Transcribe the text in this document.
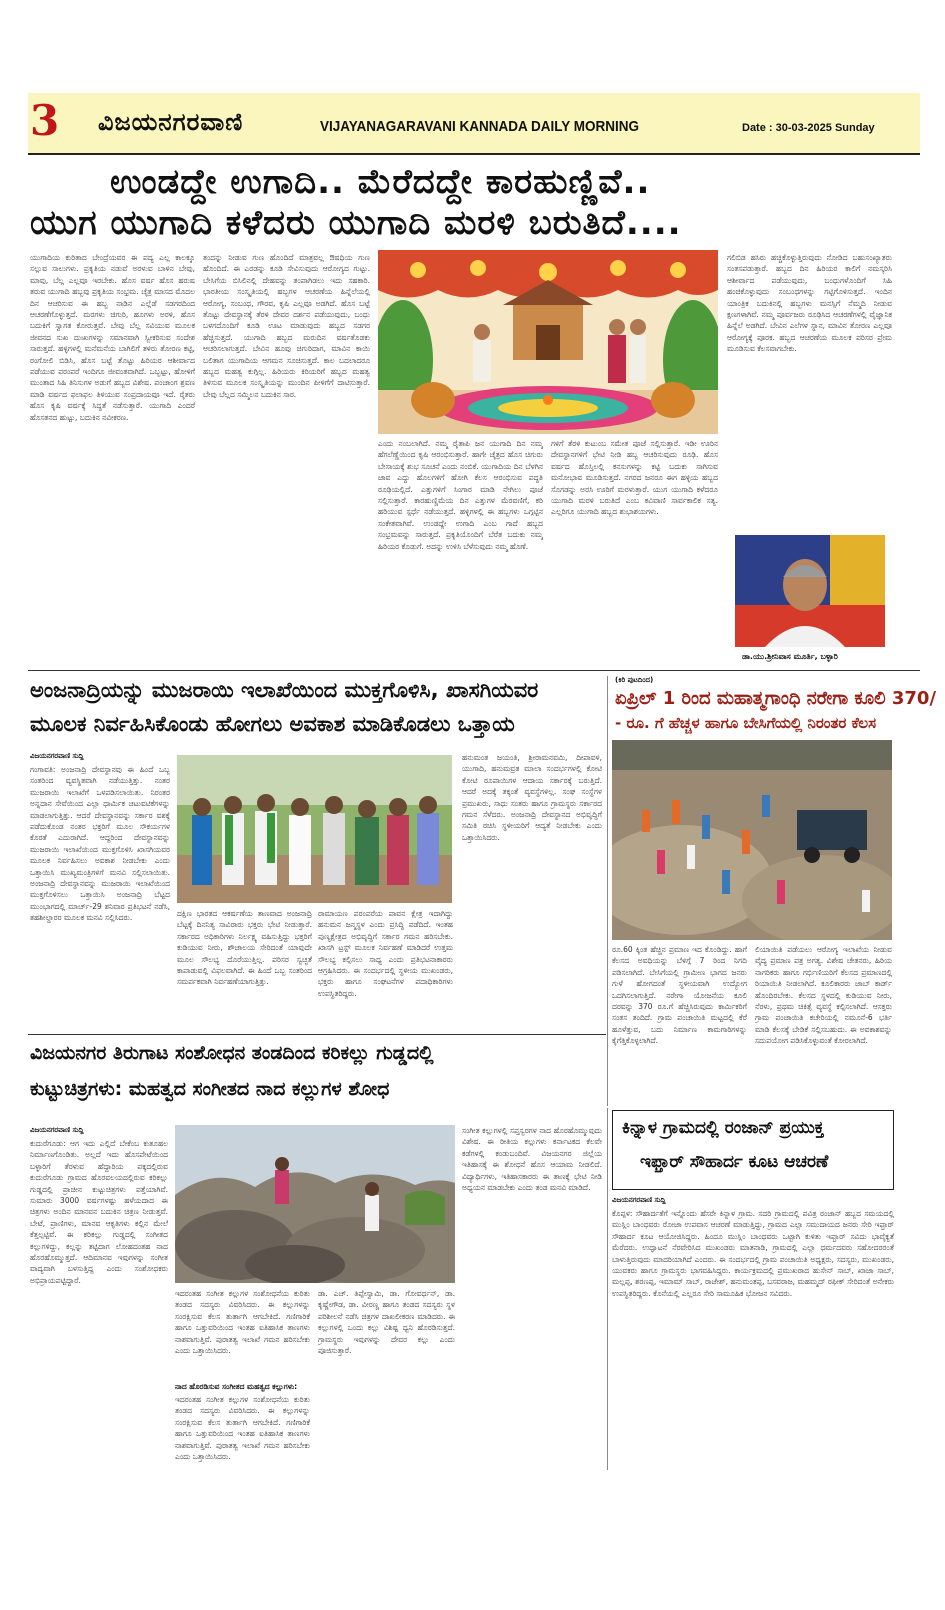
3 ವಿಜಯನಗರವಾಣಿ	VIJAYANAGARAVANI KANNADA DAILY MORNING	Date : 30-03-2025 Sunday
ಉಂಡದ್ದೇ ಉಗಾದಿ.. ಮೆರೆದದ್ದೇ ಕಾರಹುಣ್ಣಿವೆ..
ಯುಗ ಯುಗಾದಿ ಕಳೆದರು ಯುಗಾದಿ ಮರಳಿ ಬರುತಿದೆ....
ಯುಗಾದಿಯ ಕುರಿತಾದ ಬೇಂದ್ರೆಯವರ ಈ ಪದ್ಯ ಎಲ್ಲ ಕಾಲಕ್ಕೂ ಸಲ್ಲುವ ಸಾಲುಗಳು. ಪ್ರಕೃತಿಯ ನಡುವೆ ಅರಳುವ ಬಾಳಿನ ಬೇವು, ಮಾವು, ಬೆಲ್ಲ ಎಲ್ಲವೂ ಇರಬೇಕು. ಹೊಸ ವರ್ಷ ಹೊಸ ಹರುಷ ತರುವ ಯುಗಾದಿ ಹಬ್ಬವು ಪ್ರಕೃತಿಯ ಸಂಭ್ರಮ. ಚೈತ್ರ ಮಾಸದ ಮೊದಲ ದಿನ ಆಚರಿಸುವ ಈ ಹಬ್ಬ ನಾಡಿನ ಎಲ್ಲೆಡೆ ಸಡಗರದಿಂದ ಆಚರಣೆಗೊಳ್ಳುತ್ತದೆ. ಮರಗಳು ಚಿಗುರಿ, ಹೂಗಳು ಅರಳಿ, ಹೊಸ ಬದುಕಿಗೆ ಸ್ವಾಗತ ಕೋರುತ್ತವೆ. ಬೇವು ಬೆಲ್ಲ ಸವಿಯುವ ಮೂಲಕ ಜೀವನದ ಸುಖ ದುಃಖಗಳನ್ನು ಸಮಾನವಾಗಿ ಸ್ವೀಕರಿಸುವ ಸಂದೇಶ ಸಾರುತ್ತದೆ. ಹಳ್ಳಿಗಳಲ್ಲಿ ಮನೆಮನೆಯ ಬಾಗಿಲಿಗೆ ತಳಿರು ತೋರಣ ಕಟ್ಟಿ, ರಂಗೋಲಿ ಬಿಡಿಸಿ, ಹೊಸ ಬಟ್ಟೆ ತೊಟ್ಟು ಹಿರಿಯರ ಆಶೀರ್ವಾದ ಪಡೆಯುವ ಪರಂಪರೆ ಇಂದಿಗೂ ಜೀವಂತವಾಗಿದೆ. ಒಬ್ಬಟ್ಟು, ಹೋಳಿಗೆ ಮುಂತಾದ ಸಿಹಿ ತಿನಿಸುಗಳ ಅಡುಗೆ ಹಬ್ಬದ ವಿಶೇಷ. ಪಂಚಾಂಗ ಶ್ರವಣ ಮಾಡಿ ವರ್ಷದ ಫಲಾಫಲ ತಿಳಿಯುವ ಸಂಪ್ರದಾಯವೂ ಇದೆ. ರೈತರು ಹೊಸ ಕೃಷಿ ವರ್ಷಕ್ಕೆ ಸಿದ್ಧತೆ ನಡೆಸುತ್ತಾರೆ. ಯುಗಾದಿ ಎಂದರೆ ಹೊಸತನದ ಹುಟ್ಟು, ಬದುಕಿನ ನವೀಕರಣ.
ತಂದನ್ನು ನೀಡುವ ಗುಣ ಹೊಂದಿದೆ ಮಾತ್ರವಲ್ಲ ಔಷಧಿಯ ಗುಣ ಹೊಂದಿದೆ. ಈ ಎರಡನ್ನು ಕೂಡಿ ಸೇವಿಸುವುದು ಆರೋಗ್ಯದ ಗುಟ್ಟು. ಬೇಸಿಗೆಯ ಬಿಸಿಲಿನಲ್ಲಿ ದೇಹವನ್ನು ತಂಪಾಗಿಡಲು ಇದು ಸಹಕಾರಿ. ಭಾರತೀಯ ಸಂಸ್ಕೃತಿಯಲ್ಲಿ ಹಬ್ಬಗಳ ಆಚರಣೆಯ ಹಿನ್ನೆಲೆಯಲ್ಲಿ ಆರೋಗ್ಯ, ಸಂಬಂಧ, ಗೌರವ, ಕೃಷಿ ಎಲ್ಲವೂ ಅಡಗಿದೆ. ಹೊಸ ಬಟ್ಟೆ ತೊಟ್ಟು ದೇವಸ್ಥಾನಕ್ಕೆ ತೆರಳಿ ದೇವರ ದರ್ಶನ ಪಡೆಯುವುದು, ಬಂಧು ಬಳಗದೊಂದಿಗೆ ಕೂಡಿ ಊಟ ಮಾಡುವುದು ಹಬ್ಬದ ಸಡಗರ ಹೆಚ್ಚಿಸುತ್ತದೆ. ಯುಗಾದಿ ಹಬ್ಬದ ಮರುದಿನ ವರ್ಷತೊಡಕು ಆಚರಿಸಲಾಗುತ್ತದೆ. ಬೇವಿನ ಹೂವು ಚಿಗುರಿದಾಗ, ಮಾವಿನ ಕಾಯಿ ಬಲಿತಾಗ ಯುಗಾದಿಯ ಆಗಮನ ಸೂಚಿಸುತ್ತದೆ. ಕಾಲ ಬದಲಾದರೂ ಹಬ್ಬದ ಮಹತ್ವ ಕುಗ್ಗಿಲ್ಲ. ಹಿರಿಯರು ಕಿರಿಯರಿಗೆ ಹಬ್ಬದ ಮಹತ್ವ ತಿಳಿಸುವ ಮೂಲಕ ಸಂಸ್ಕೃತಿಯನ್ನು ಮುಂದಿನ ಪೀಳಿಗೆಗೆ ದಾಟಿಸುತ್ತಾರೆ. ಬೇವು ಬೆಲ್ಲದ ಸಮ್ಮಿಲನ ಬದುಕಿನ ಸಾರ.
ಎಂದು ನಂಬಲಾಗಿದೆ. ನಮ್ಮ ರೈತಾಪಿ ಜನ ಯುಗಾದಿ ದಿನ ನಮ್ಮ ಹೆಗಲೆಣ್ಣೆಯಿಂದ ಕೃಷಿ ಆರಂಭಿಸುತ್ತಾರೆ. ಹಾಗೇ ಚೈತ್ರದ ಹೊಸ ಚಿಗುರು ಬೇಸಾಯಕ್ಕೆ ಶುಭ ಸೂಚನೆ ಎಂದು ನಂಬಿಕೆ. ಯುಗಾದಿಯ ದಿನ ಬೆಳಗಿನ ಜಾವ ಎದ್ದು ಹೊಲಗಳಿಗೆ ಹೋಗಿ ಕೆಲಸ ಆರಂಭಿಸುವ ಪದ್ಧತಿ ರೂಢಿಯಲ್ಲಿದೆ. ಎತ್ತುಗಳಿಗೆ ಸಿಂಗಾರ ಮಾಡಿ ನೇಗಿಲು ಪೂಜೆ ಸಲ್ಲಿಸುತ್ತಾರೆ. ಕಾರಹುಣ್ಣಿಮೆಯ ದಿನ ಎತ್ತುಗಳ ಮೆರವಣಿಗೆ, ಕರಿ ಹರಿಯುವ ಸ್ಪರ್ಧೆ ನಡೆಯುತ್ತದೆ. ಹಳ್ಳಿಗಳಲ್ಲಿ ಈ ಹಬ್ಬಗಳು ಒಗ್ಗಟ್ಟಿನ ಸಂಕೇತವಾಗಿವೆ. ಉಂಡದ್ದೇ ಉಗಾದಿ ಎಂಬ ಗಾದೆ ಹಬ್ಬದ ಸಂಭ್ರಮವನ್ನು ಸಾರುತ್ತದೆ. ಪ್ರಕೃತಿಯೊಂದಿಗೆ ಬೆರೆತ ಬದುಕು ನಮ್ಮ ಹಿರಿಯರ ಕೊಡುಗೆ. ಅದನ್ನು ಉಳಿಸಿ ಬೆಳೆಸುವುದು ನಮ್ಮ ಹೊಣೆ.
ಗಳಿಗೆ ತೆರಳಿ ಕುಟುಂಬ ಸಮೇತ ಪೂಜೆ ಸಲ್ಲಿಸುತ್ತಾರೆ. ಇಡೀ ಊರಿನ ದೇವಸ್ಥಾನಗಳಿಗೆ ಭೇಟಿ ನೀಡಿ ಹಬ್ಬ ಆಚರಿಸುವುದು ರೂಢಿ. ಹೊಸ ವರ್ಷದ ಹೊಸ್ತಿಲಲ್ಲಿ ಕನಸುಗಳನ್ನು ಕಟ್ಟಿ ಬದುಕು ಸಾಗಿಸುವ ಮನೋಭಾವ ಮೂಡಿಸುತ್ತದೆ. ನಗರದ ಜನರೂ ಈಗ ಹಳ್ಳಿಯ ಹಬ್ಬದ ಸೊಗಡನ್ನು ಅರಸಿ ಊರಿಗೆ ಮರಳುತ್ತಾರೆ. ಯುಗ ಯುಗಾದಿ ಕಳೆದರೂ ಯುಗಾದಿ ಮರಳಿ ಬರುತಿದೆ ಎಂಬ ಕವಿವಾಣಿ ಸಾರ್ವಕಾಲಿಕ ಸತ್ಯ. ಎಲ್ಲರಿಗೂ ಯುಗಾದಿ ಹಬ್ಬದ ಶುಭಾಶಯಗಳು.
ಗಲಿಬಿಡ ಹಸಿರು ಹಚ್ಚಿಕೊಳ್ಳುತ್ತಿರುವುದು ನೋಡಿದ ಬಹುಸಂಖ್ಯಾತರು ಸಂತಸಪಡುತ್ತಾರೆ. ಹಬ್ಬದ ದಿನ ಹಿರಿಯರ ಕಾಲಿಗೆ ನಮಸ್ಕರಿಸಿ ಆಶೀರ್ವಾದ ಪಡೆಯುವುದು, ಬಂಧುಗಳೊಂದಿಗೆ ಸಿಹಿ ಹಂಚಿಕೊಳ್ಳುವುದು ಸಂಬಂಧಗಳನ್ನು ಗಟ್ಟಿಗೊಳಿಸುತ್ತದೆ. ಇಂದಿನ ಯಾಂತ್ರಿಕ ಬದುಕಿನಲ್ಲಿ ಹಬ್ಬಗಳು ಮನಸ್ಸಿಗೆ ನೆಮ್ಮದಿ ನೀಡುವ ಕ್ಷಣಗಳಾಗಿವೆ. ನಮ್ಮ ಪೂರ್ವಜರು ರೂಢಿಸಿದ ಆಚರಣೆಗಳಲ್ಲಿ ವೈಜ್ಞಾನಿಕ ಹಿನ್ನೆಲೆ ಅಡಗಿದೆ. ಬೇವಿನ ಎಲೆಗಳ ಸ್ನಾನ, ಮಾವಿನ ತೋರಣ ಎಲ್ಲವೂ ಆರೋಗ್ಯಕ್ಕೆ ಪೂರಕ. ಹಬ್ಬದ ಆಚರಣೆಯ ಮೂಲಕ ಪರಿಸರ ಪ್ರೇಮ ಮೂಡಿಸುವ ಕೆಲಸವಾಗಬೇಕು.
ಡಾ.ಯು.ಶ್ರೀನಿವಾಸ ಮೂರ್ತಿ, ಬಳ್ಳಾರಿ
ಅಂಜನಾದ್ರಿಯನ್ನು ಮುಜರಾಯಿ ಇಲಾಖೆಯಿಂದ ಮುಕ್ತಗೊಳಿಸಿ, ಖಾಸಗಿಯವರ
ಮೂಲಕ ನಿರ್ವಹಿಸಿಕೊಂಡು ಹೋಗಲು ಅವಕಾಶ ಮಾಡಿಕೊಡಲು ಒತ್ತಾಯ
ವಿಜಯನಗರವಾಣಿ ಸುದ್ದಿ
ಗಂಗಾವತಿ: ಅಂಜನಾದ್ರಿ ದೇವಸ್ಥಾನವು ಈ ಹಿಂದೆ ಒಬ್ಬ ಸಂತರಿಂದ ವ್ಯವಸ್ಥಿತವಾಗಿ ನಡೆಯುತ್ತಿತ್ತು. ನಂತರ ಮುಜರಾಯಿ ಇಲಾಖೆಗೆ ಒಳಪಡಿಸಲಾಯಿತು. ನಿರಂತರ ಅನ್ನದಾನ ಸೇವೆಯಿಂದ ಎಲ್ಲಾ ಧಾರ್ಮಿಕ ಚಟುವಟಿಕೆಗಳನ್ನು ಮಾಡಲಾಗುತ್ತಿತ್ತು. ಆದರೆ ದೇವಸ್ಥಾನವನ್ನು ಸರ್ಕಾರ ವಶಕ್ಕೆ ಪಡೆದುಕೊಂಡ ನಂತರ ಭಕ್ತರಿಗೆ ಮೂಲ ಸೌಕರ್ಯಗಳ ಕೊರತೆ ಎದುರಾಗಿದೆ. ಆದ್ದರಿಂದ ದೇವಸ್ಥಾನವನ್ನು ಮುಜರಾಯಿ ಇಲಾಖೆಯಿಂದ ಮುಕ್ತಗೊಳಿಸಿ ಖಾಸಗಿಯವರ ಮೂಲಕ ನಿರ್ವಹಿಸಲು ಅವಕಾಶ ನೀಡಬೇಕು ಎಂದು ಒತ್ತಾಯಿಸಿ ಮುಖ್ಯಮಂತ್ರಿಗಳಿಗೆ ಮನವಿ ಸಲ್ಲಿಸಲಾಯಿತು. ಅಂಜನಾದ್ರಿ ದೇವಸ್ಥಾನವನ್ನು ಮುಜರಾಯಿ ಇಲಾಖೆಯಿಂದ ಮುಕ್ತಗೊಳಿಸಲು ಒತ್ತಾಯಿಸಿ ಅಂಜನಾದ್ರಿ ಬೆಟ್ಟದ ಮುಂಭಾಗದಲ್ಲಿ ಮಾರ್ಚ್-29 ಶನಿವಾರ ಪ್ರತಿಭಟನೆ ನಡೆಸಿ, ತಹಶೀಲ್ದಾರರ ಮೂಲಕ ಮನವಿ ಸಲ್ಲಿಸಿದರು.	ದಕ್ಷಿಣ ಭಾರತದ ಆಕರ್ಷಣೆಯ ತಾಣವಾದ ಅಂಜನಾದ್ರಿ ಬೆಟ್ಟಕ್ಕೆ ದಿನನಿತ್ಯ ಸಾವಿರಾರು ಭಕ್ತರು ಭೇಟಿ ನೀಡುತ್ತಾರೆ. ಸರ್ಕಾರದ ಅಧಿಕಾರಿಗಳು ನಿರ್ಲಕ್ಷ್ಯ ವಹಿಸುತ್ತಿದ್ದು ಭಕ್ತರಿಗೆ ಕುಡಿಯುವ ನೀರು, ಶೌಚಾಲಯ ಸೇರಿದಂತೆ ಯಾವುದೇ ಮೂಲ ಸೌಲಭ್ಯ ದೊರೆಯುತ್ತಿಲ್ಲ. ಪರಿಸರ ಸ್ವಚ್ಛತೆ ಕಾಪಾಡುವಲ್ಲಿ ವಿಫಲವಾಗಿದೆ. ಈ ಹಿಂದೆ ಒಬ್ಬ ಸಂತರಿಂದ ಸಮರ್ಪಕವಾಗಿ ನಿರ್ವಹಣೆಯಾಗುತ್ತಿತ್ತು.
ರಾಮಾಯಣ ಪರಂಪರೆಯ ಪಾವನ ಕ್ಷೇತ್ರ ಇದಾಗಿದ್ದು ಹನುಮನ ಜನ್ಮಸ್ಥಳ ಎಂದು ಪ್ರಸಿದ್ಧಿ ಪಡೆದಿದೆ. ಇಂತಹ ಪುಣ್ಯಕ್ಷೇತ್ರದ ಅಭಿವೃದ್ಧಿಗೆ ಸರ್ಕಾರ ಗಮನ ಹರಿಸಬೇಕು. ಖಾಸಗಿ ಟ್ರಸ್ಟ್ ಮೂಲಕ ನಿರ್ವಹಣೆ ಮಾಡಿದರೆ ಉತ್ತಮ ಸೌಲಭ್ಯ ಕಲ್ಪಿಸಲು ಸಾಧ್ಯ ಎಂದು ಪ್ರತಿಭಟನಾಕಾರರು ಆಗ್ರಹಿಸಿದರು. ಈ ಸಂದರ್ಭದಲ್ಲಿ ಸ್ಥಳೀಯ ಮುಖಂಡರು, ಭಕ್ತರು ಹಾಗೂ ಸಂಘಟನೆಗಳ ಪದಾಧಿಕಾರಿಗಳು ಉಪಸ್ಥಿತರಿದ್ದರು.
ಹನುಮಂತ ಜಯಂತಿ, ಶ್ರೀರಾಮನವಮಿ, ದೀಪಾವಳಿ, ಯುಗಾದಿ, ಹನುಮವ್ರತ ಮಾಲಾ ಸಂದರ್ಭಗಳಲ್ಲಿ ಕೋಟಿ ಕೋಟಿ ರೂಪಾಯಿಗಳ ಆದಾಯ ಸರ್ಕಾರಕ್ಕೆ ಬರುತ್ತಿದೆ. ಆದರೆ ಅದಕ್ಕೆ ತಕ್ಕಂತೆ ವ್ಯವಸ್ಥೆಗಳಿಲ್ಲ. ಸಂಘ ಸಂಸ್ಥೆಗಳ ಪ್ರಮುಖರು, ಸಾಧು ಸಂತರು ಹಾಗೂ ಗ್ರಾಮಸ್ಥರು ಸರ್ಕಾರದ ಗಮನ ಸೆಳೆದರು. ಅಂಜನಾದ್ರಿ ದೇವಸ್ಥಾನದ ಅಭಿವೃದ್ಧಿಗೆ ಸಮಿತಿ ರಚಿಸಿ ಸ್ಥಳೀಯರಿಗೆ ಆದ್ಯತೆ ನೀಡಬೇಕು ಎಂದು ಒತ್ತಾಯಿಸಿದರು.
(ಕಿರಿ ಪುಟದಿಂದ)
ಏಪ್ರಿಲ್ 1 ರಿಂದ ಮಹಾತ್ಮಗಾಂಧಿ ನರೇಗಾ ಕೂಲಿ 370/
- ರೂ. ಗೆ ಹೆಚ್ಚಳ ಹಾಗೂ ಬೇಸಿಗೆಯಲ್ಲಿ ನಿರಂತರ ಕೆಲಸ
ರೂ.60 ಕ್ಕಿಂತ ಹೆಚ್ಚಿನ ಪ್ರಮಾಣ ಇದ ಕೊಂಡಿದ್ದು. ಹಾಗೆ ಕೆಲಸದ ಅವಧಿಯನ್ನು ಬೆಳಿಗ್ಗೆ 7 ರಿಂದ ನಿಗದಿ ಪಡಿಸಲಾಗಿದೆ. ಬೇಸಿಗೆಯಲ್ಲಿ ಗ್ರಾಮೀಣ ಭಾಗದ ಜನರು ಗುಳೆ ಹೋಗದಂತೆ ಸ್ಥಳೀಯವಾಗಿ ಉದ್ಯೋಗ ಒದಗಿಸಲಾಗುತ್ತಿದೆ. ನರೇಗಾ ಯೋಜನೆಯ ಕೂಲಿ ದರವನ್ನು 370 ರೂ.ಗೆ ಹೆಚ್ಚಿಸಿರುವುದು ಕಾರ್ಮಿಕರಿಗೆ ಸಂತಸ ತಂದಿದೆ. ಗ್ರಾಮ ಪಂಚಾಯಿತಿ ಮಟ್ಟದಲ್ಲಿ ಕೆರೆ ಹೂಳೆತ್ತುವ, ಬದು ನಿರ್ಮಾಣ ಕಾಮಗಾರಿಗಳನ್ನು ಕೈಗೆತ್ತಿಕೊಳ್ಳಲಾಗಿದೆ.
ಲಿಯಾಯಿತಿ ಪಡೆಯಲು ಆರೋಗ್ಯ ಇಲಾಖೆಯ ನೀಡುವ ವೈದ್ಯ ಪ್ರಮಾಣ ಪತ್ರ ಅಗತ್ಯ. ವಿಶೇಷ ಚೇತನರು, ಹಿರಿಯ ನಾಗರಿಕರು ಹಾಗೂ ಗರ್ಭಿಣಿಯರಿಗೆ ಕೆಲಸದ ಪ್ರಮಾಣದಲ್ಲಿ ರಿಯಾಯಿತಿ ನೀಡಲಾಗಿದೆ. ಕೂಲಿಕಾರರು ಜಾಬ್ ಕಾರ್ಡ್ ಹೊಂದಿರಬೇಕು. ಕೆಲಸದ ಸ್ಥಳದಲ್ಲಿ ಕುಡಿಯುವ ನೀರು, ನೆರಳು, ಪ್ರಥಮ ಚಿಕಿತ್ಸೆ ವ್ಯವಸ್ಥೆ ಕಲ್ಪಿಸಲಾಗಿದೆ. ಆಸಕ್ತರು ಗ್ರಾಮ ಪಂಚಾಯಿತಿ ಕಚೇರಿಯಲ್ಲಿ ನಮೂನೆ-6 ಭರ್ತಿ ಮಾಡಿ ಕೆಲಸಕ್ಕೆ ಬೇಡಿಕೆ ಸಲ್ಲಿಸಬಹುದು. ಈ ಅವಕಾಶವನ್ನು ಸದುಪಯೋಗ ಪಡಿಸಿಕೊಳ್ಳುವಂತೆ ಕೋರಲಾಗಿದೆ.
ವಿಜಯನಗರ ತಿರುಗಾಟ ಸಂಶೋಧನ ತಂಡದಿಂದ ಕರಿಕಲ್ಲು ಗುಡ್ಡದಲ್ಲಿ
ಕುಟ್ಟುಚಿತ್ರಗಳು: ಮಹತ್ವದ ಸಂಗೀತದ ನಾದ ಕಲ್ಲುಗಳ ಶೋಧ
ವಿಜಯನಗರವಾಣಿ ಸುದ್ದಿ
ಕುದುರೆಗೂಡು: ಆಗ ಇದು ಎಲ್ಲಿದೆ ಬೇಕೆಂಬ ಕುತೂಹಲ ನಿರ್ಮಾಣಗೊಂಡಿತು. ಅಲ್ಲದೆ ಇದು ಹೊಸಪೇಟೆಯಿಂದ ಬಳ್ಳಾರಿಗೆ ತೆರಳುವ ಹೆದ್ದಾರಿಯ ಪಕ್ಕದಲ್ಲಿರುವ ಕುದುರೆಗೂಡು ಗ್ರಾಮದ ಹೊರವಲಯದಲ್ಲಿರುವ ಕರಿಕಲ್ಲು ಗುಡ್ಡದಲ್ಲಿ ಪ್ರಾಚೀನ ಕುಟ್ಟುಚಿತ್ರಗಳು ಪತ್ತೆಯಾಗಿವೆ. ಸುಮಾರು 3000 ವರ್ಷಗಳಷ್ಟು ಹಳೆಯದಾದ ಈ ಚಿತ್ರಗಳು ಅಂದಿನ ಮಾನವನ ಬದುಕಿನ ಚಿತ್ರಣ ನೀಡುತ್ತವೆ. ಬೇಟೆ, ಪ್ರಾಣಿಗಳು, ಮಾನವ ಆಕೃತಿಗಳು ಕಲ್ಲಿನ ಮೇಲೆ ಕೆತ್ತಲ್ಪಟ್ಟಿವೆ. ಈ ಕರಿಕಲ್ಲು ಗುಡ್ಡದಲ್ಲಿ ಸಂಗೀತದ ಕಲ್ಲುಗಳಿದ್ದು, ಕಲ್ಲನ್ನು ತಟ್ಟಿದಾಗ ಲೋಹದಂತಹ ನಾದ ಹೊರಹೊಮ್ಮುತ್ತದೆ. ಆದಿಮಾನವ ಇವುಗಳನ್ನು ಸಂಗೀತ ವಾದ್ಯವಾಗಿ ಬಳಸುತ್ತಿದ್ದ ಎಂದು ಸಂಶೋಧಕರು ಅಭಿಪ್ರಾಯಪಟ್ಟಿದ್ದಾರೆ.
ಇದರಂತಹ ಸಂಗೀತ ಕಲ್ಲುಗಳ ಸಂಶೋಧನೆಯ ಕುರಿತು ತಂಡದ ಸದಸ್ಯರು ವಿವರಿಸಿದರು. ಈ ಕಲ್ಲುಗಳನ್ನು ಸಂರಕ್ಷಿಸುವ ಕೆಲಸ ತುರ್ತಾಗಿ ಆಗಬೇಕಿದೆ. ಗಣಿಗಾರಿಕೆ ಹಾಗೂ ಒತ್ತುವರಿಯಿಂದ ಇಂತಹ ಐತಿಹಾಸಿಕ ತಾಣಗಳು ನಾಶವಾಗುತ್ತಿವೆ. ಪುರಾತತ್ವ ಇಲಾಖೆ ಗಮನ ಹರಿಸಬೇಕು ಎಂದು ಒತ್ತಾಯಿಸಿದರು.
ನಾದ ಹೊರಡಿಸುವ ಸಂಗೀತದ ಮಹತ್ವದ ಕಲ್ಲುಗಳು:
ಇದರಂತಹ ಸಂಗೀತ ಕಲ್ಲುಗಳ ಸಂಶೋಧನೆಯ ಕುರಿತು ತಂಡದ ಸದಸ್ಯರು ವಿವರಿಸಿದರು. ಈ ಕಲ್ಲುಗಳನ್ನು ಸಂರಕ್ಷಿಸುವ ಕೆಲಸ ತುರ್ತಾಗಿ ಆಗಬೇಕಿದೆ. ಗಣಿಗಾರಿಕೆ ಹಾಗೂ ಒತ್ತುವರಿಯಿಂದ ಇಂತಹ ಐತಿಹಾಸಿಕ ತಾಣಗಳು ನಾಶವಾಗುತ್ತಿವೆ. ಪುರಾತತ್ವ ಇಲಾಖೆ ಗಮನ ಹರಿಸಬೇಕು ಎಂದು ಒತ್ತಾಯಿಸಿದರು.
ಡಾ. ಎಚ್. ತಿಪ್ಪೇಸ್ವಾಮಿ, ಡಾ. ಗೋವರ್ಧನ್, ಡಾ. ಕೃಷ್ಣೇಗೌಡ, ಡಾ. ವೀರಣ್ಣ ಹಾಗೂ ತಂಡದ ಸದಸ್ಯರು ಸ್ಥಳ ಪರಿಶೀಲನೆ ನಡೆಸಿ ಚಿತ್ರಗಳ ದಾಖಲೀಕರಣ ಮಾಡಿದರು. ಈ ಕಲ್ಲುಗಳಲ್ಲಿ ಒಂದು ಕಲ್ಲು ವಿಶಿಷ್ಟ ಧ್ವನಿ ಹೊರಡಿಸುತ್ತದೆ. ಗ್ರಾಮಸ್ಥರು ಇವುಗಳನ್ನು ದೇವರ ಕಲ್ಲು ಎಂದು ಪೂಜಿಸುತ್ತಾರೆ.
ಸಂಗೀತ ಕಲ್ಲುಗಳಲ್ಲಿ ಸಪ್ತಸ್ವರಗಳ ನಾದ ಹೊರಹೊಮ್ಮುವುದು ವಿಶೇಷ. ಈ ರೀತಿಯ ಕಲ್ಲುಗಳು ಕರ್ನಾಟಕದ ಕೆಲವೇ ಕಡೆಗಳಲ್ಲಿ ಕಂಡುಬಂದಿವೆ. ವಿಜಯನಗರ ಜಿಲ್ಲೆಯ ಇತಿಹಾಸಕ್ಕೆ ಈ ಶೋಧನೆ ಹೊಸ ಆಯಾಮ ನೀಡಲಿದೆ. ವಿದ್ಯಾರ್ಥಿಗಳು, ಇತಿಹಾಸಕಾರರು ಈ ತಾಣಕ್ಕೆ ಭೇಟಿ ನೀಡಿ ಅಧ್ಯಯನ ಮಾಡಬೇಕು ಎಂದು ತಂಡ ಮನವಿ ಮಾಡಿದೆ.
ಕಿನ್ನಾಳ ಗ್ರಾಮದಲ್ಲಿ ರಂಜಾನ್ ಪ್ರಯುಕ್ತ
ಇಫ್ತಾರ್ ಸೌಹಾರ್ದ ಕೂಟ ಆಚರಣೆ
ವಿಜಯನಗರವಾಣಿ ಸುದ್ದಿ
ಕೊಪ್ಪಳ: ಸೌಹಾರ್ದತೆಗೆ ಇನ್ನೊಂದು ಹೆಸರೇ ಕಿನ್ನಾಳ ಗ್ರಾಮ. ಸದರಿ ಗ್ರಾಮದಲ್ಲಿ ಪವಿತ್ರ ರಂಜಾನ್ ಹಬ್ಬದ ಸಮಯದಲ್ಲಿ ಮುಸ್ಲಿಂ ಬಾಂಧವರು ರೋಜಾ ಉಪವಾಸ ಆಚರಣೆ ಮಾಡುತ್ತಿದ್ದು, ಗ್ರಾಮದ ಎಲ್ಲಾ ಸಮುದಾಯದ ಜನರು ಸೇರಿ ಇಫ್ತಾರ್ ಸೌಹಾರ್ದ ಕೂಟ ಆಯೋಜಿಸಿದ್ದರು. ಹಿಂದೂ ಮುಸ್ಲಿಂ ಬಾಂಧವರು ಒಟ್ಟಾಗಿ ಕುಳಿತು ಇಫ್ತಾರ್ ಸವಿದು ಭಾವೈಕ್ಯತೆ ಮೆರೆದರು. ಉದ್ಘಾಟನೆ ನೆರವೇರಿಸಿದ ಮುಖಂಡರು ಮಾತನಾಡಿ, ಗ್ರಾಮದಲ್ಲಿ ಎಲ್ಲಾ ಧರ್ಮದವರು ಸಹೋದರರಂತೆ ಬಾಳುತ್ತಿರುವುದು ಮಾದರಿಯಾಗಿದೆ ಎಂದರು. ಈ ಸಂದರ್ಭದಲ್ಲಿ ಗ್ರಾಮ ಪಂಚಾಯಿತಿ ಅಧ್ಯಕ್ಷರು, ಸದಸ್ಯರು, ಮುಖಂಡರು, ಯುವಕರು ಹಾಗೂ ಗ್ರಾಮಸ್ಥರು ಭಾಗವಹಿಸಿದ್ದರು. ಕಾರ್ಯಕ್ರಮದಲ್ಲಿ ಪ್ರಮುಖರಾದ ಹುಸೇನ್ ಸಾಬ್, ಖಾಜಾ ಸಾಬ್, ಮಲ್ಲಪ್ಪ, ಶರಣಪ್ಪ, ಇಮಾಮ್ ಸಾಬ್, ರಾಜೇಶ್, ಹನುಮಂತಪ್ಪ, ಬಸವರಾಜ, ಮಹಮ್ಮದ್ ರಫೀಕ್ ಸೇರಿದಂತೆ ಅನೇಕರು ಉಪಸ್ಥಿತರಿದ್ದರು. ಕೊನೆಯಲ್ಲಿ ಎಲ್ಲರೂ ಸೇರಿ ಸಾಮೂಹಿಕ ಭೋಜನ ಸವಿದರು.
